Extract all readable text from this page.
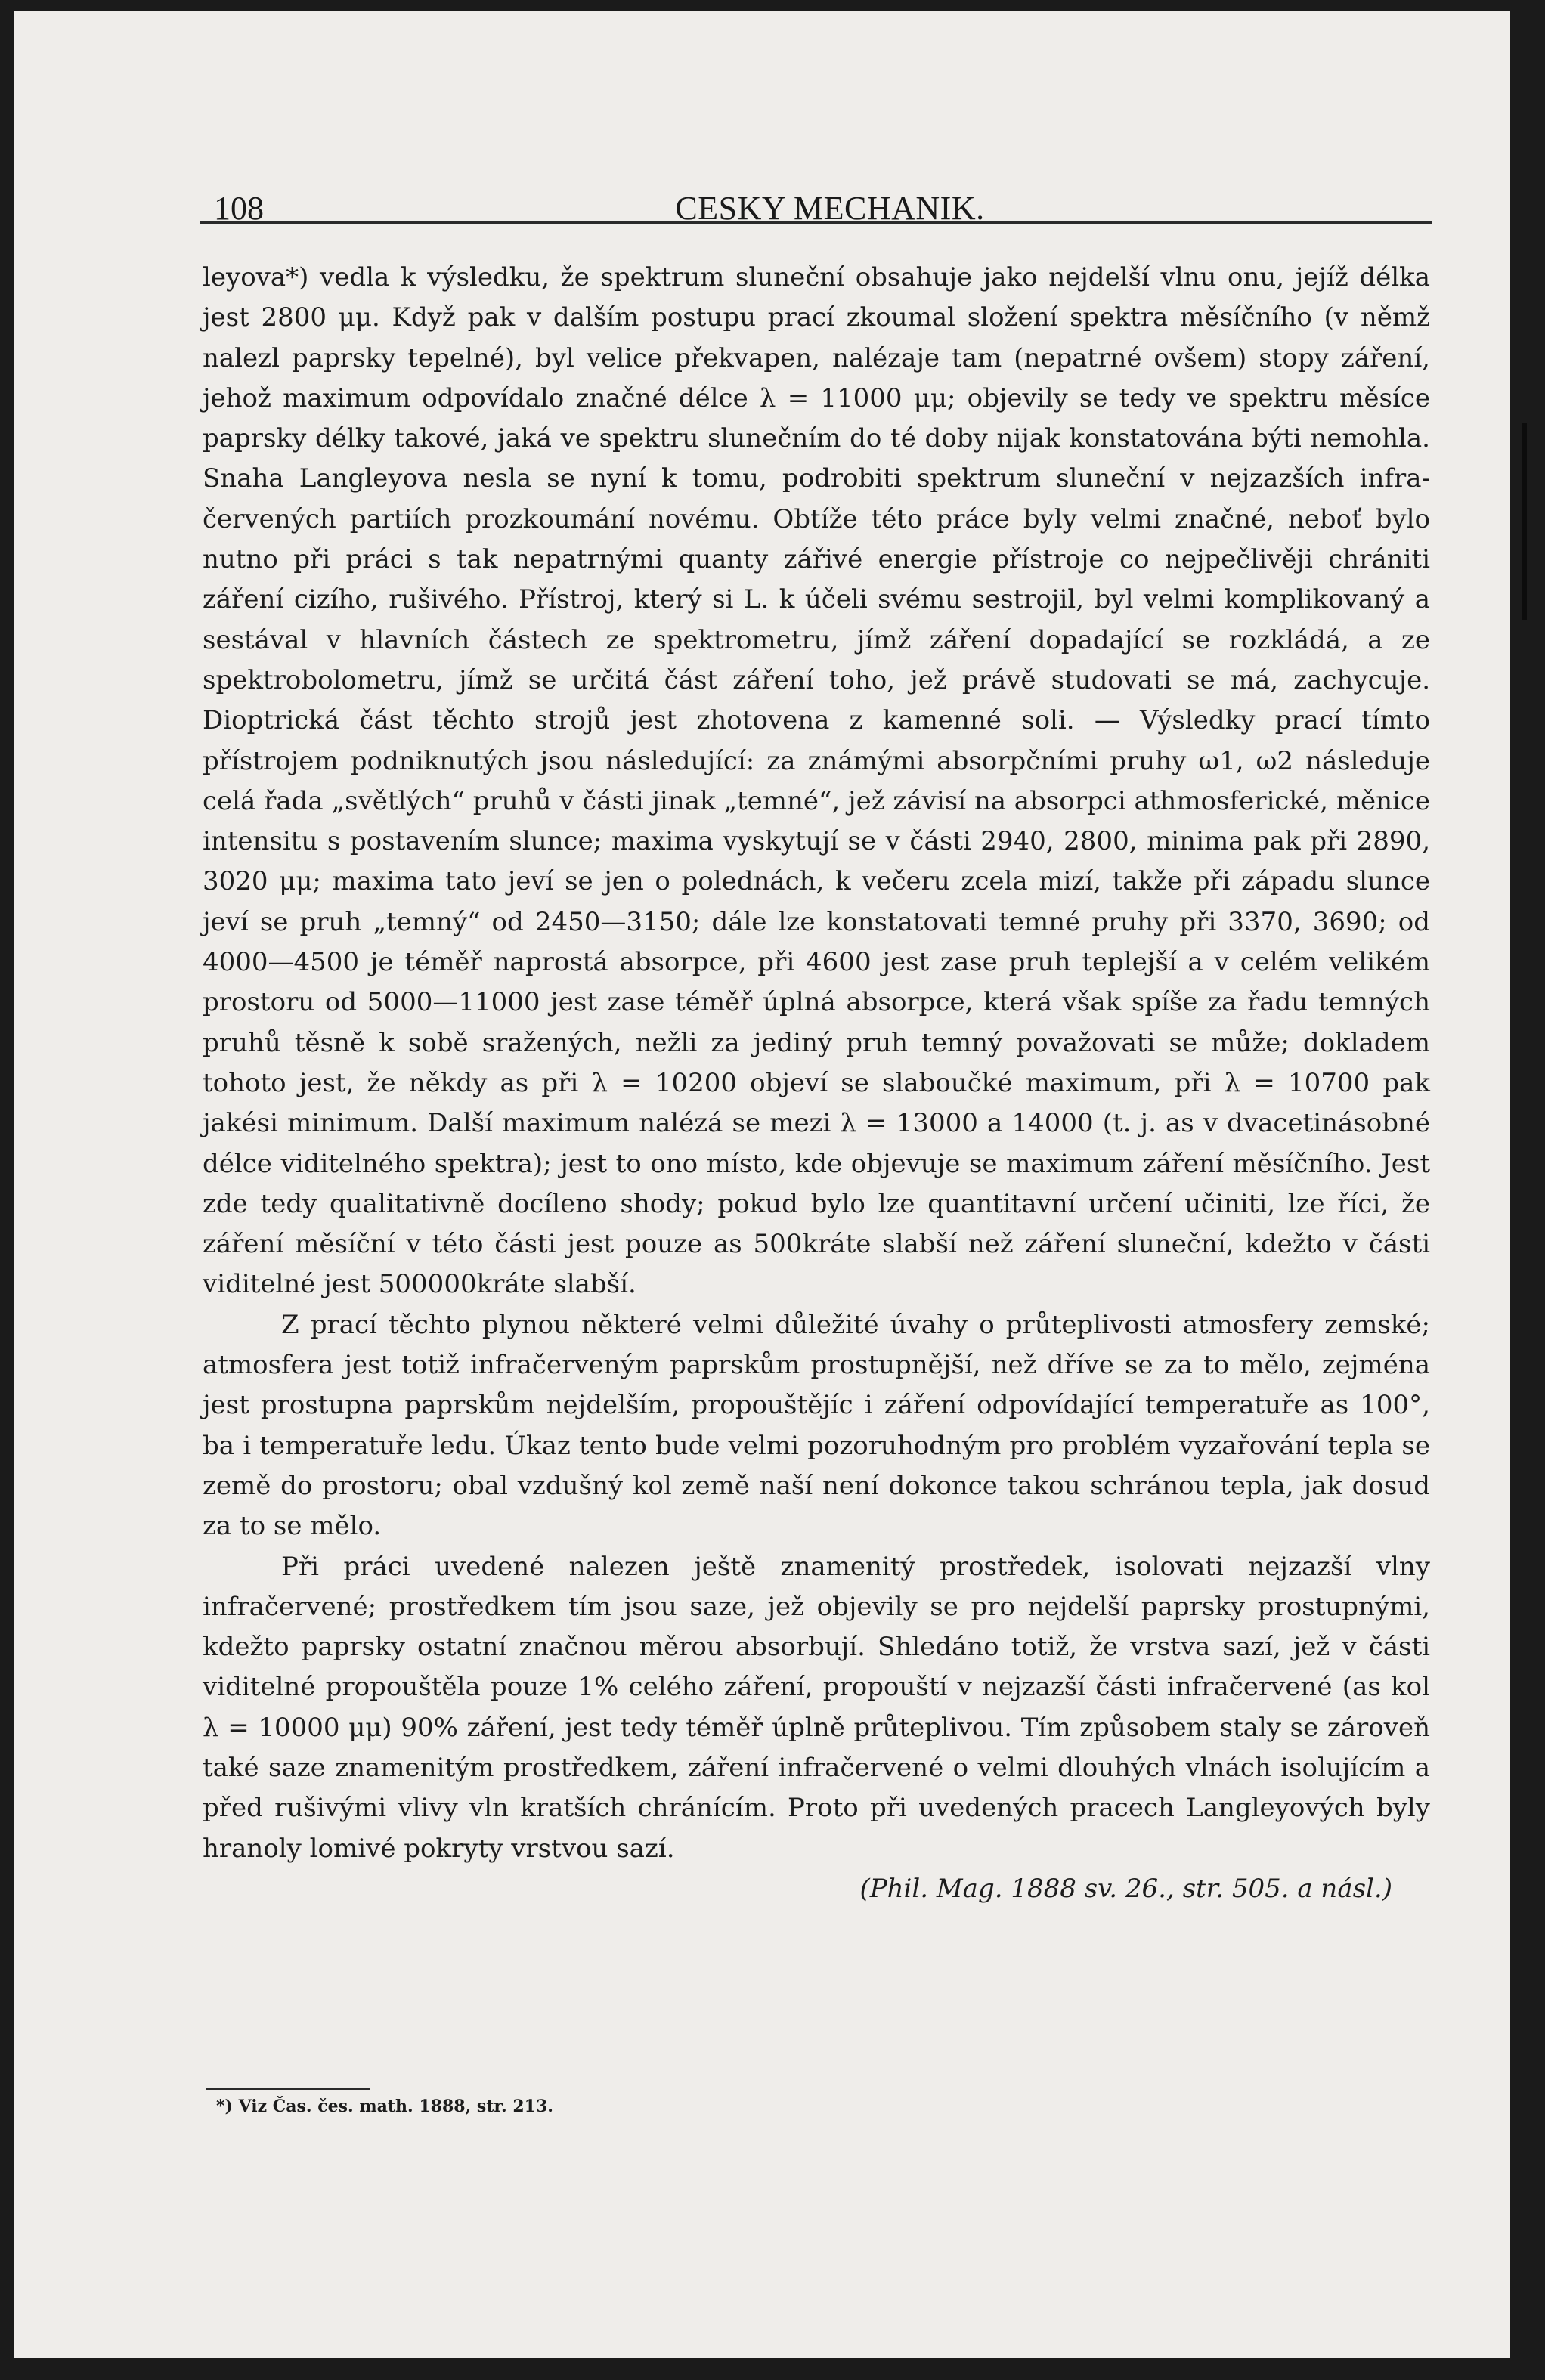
108	CESKY MECHANIK.

leyova*) vedla k výsledku, že spektrum sluneční obsahuje jako nejdelší vlnu onu, jejíž délka jest 2800 μμ. Když pak v dalším postupu prací zkoumal složení spektra měsíčního (v němž nalezl paprsky tepelné), byl velice překvapen, nalézaje tam (nepatrné ovšem) stopy záření, jehož maximum odpovídalo značné délce λ = 11000 μμ; objevily se tedy ve spektru měsíce paprsky délky takové, jaká ve spektru slunečním do té doby nijak konstatována býti nemohla. Snaha Langleyova nesla se nyní k tomu, podrobiti spektrum sluneční v nejzazších infra-červených partiích prozkoumání novému. Obtíže této práce byly velmi značné, neboť bylo nutno při práci s tak nepatrnými quanty zářivé energie přístroje co nejpečlivěji chrániti záření cizího, rušivého. Přístroj, který si L. k účeli svému sestrojil, byl velmi komplikovaný a sestával v hlavních částech ze spektrometru, jímž záření dopadající se rozkládá, a ze spektrobolometru, jímž se určitá část záření toho, jež právě studovati se má, zachycuje. Dioptrická část těchto strojů jest zhotovena z kamenné soli. — Výsledky prací tímto přístrojem podniknutých jsou následující: za známými absorpčními pruhy ω1, ω2 následuje celá řada „světlých“ pruhů v části jinak „temné“, jež závisí na absorpci athmosferické, měnice intensitu s postavením slunce; maxima vyskytují se v části 2940, 2800, minima pak při 2890, 3020 μμ; maxima tato jeví se jen o polednách, k večeru zcela mizí, takže při západu slunce jeví se pruh „temný“ od 2450—3150; dále lze konstatovati temné pruhy při 3370, 3690; od 4000—4500 je téměř naprostá absorpce, při 4600 jest zase pruh teplejší a v celém velikém prostoru od 5000—11000 jest zase téměř úplná absorpce, která však spíše za řadu temných pruhů těsně k sobě sražených, nežli za jediný pruh temný považovati se může; dokladem tohoto jest, že někdy as při λ = 10200 objeví se slaboučké maximum, při λ = 10700 pak jakési minimum. Další maximum nalézá se mezi λ = 13000 a 14000 (t. j. as v dvacetinásobné délce viditelného spektra); jest to ono místo, kde objevuje se maximum záření měsíčního. Jest zde tedy qualitativně docíleno shody; pokud bylo lze quantitavní určení učiniti, lze říci, že záření měsíční v této části jest pouze as 500kráte slabší než záření sluneční, kdežto v části viditelné jest 500000kráte slabší.

Z prací těchto plynou některé velmi důležité úvahy o průteplivosti atmosfery zemské; atmosfera jest totiž infračerveným paprskům prostupnější, než dříve se za to mělo, zejména jest prostupna paprskům nejdelším, propouštějíc i záření odpovídající temperatuře as 100°, ba i temperatuře ledu. Úkaz tento bude velmi pozoruhodným pro problém vyzařování tepla se země do prostoru; obal vzdušný kol země naší není dokonce takou schránou tepla, jak dosud za to se mělo.

Při práci uvedené nalezen ještě znamenitý prostředek, isolovati nejzazší vlny infračervené; prostředkem tím jsou saze, jež objevily se pro nejdelší paprsky prostupnými, kdežto paprsky ostatní značnou měrou absorbují. Shledáno totiž, že vrstva sazí, jež v části viditelné propouštěla pouze 1% celého záření, propouští v nejzazší části infračervené (as kol λ = 10000 μμ) 90% záření, jest tedy téměř úplně průteplivou. Tím způsobem staly se zároveň také saze znamenitým prostředkem, záření infračervené o velmi dlouhých vlnách isolujícím a před rušivými vlivy vln kratších chránícím. Proto při uvedených pracech Langleyových byly hranoly lomivé pokryty vrstvou sazí.

(Phil. Mag. 1888 sv. 26., str. 505. a násl.)

*) Viz Čas. čes. math. 1888, str. 213.
